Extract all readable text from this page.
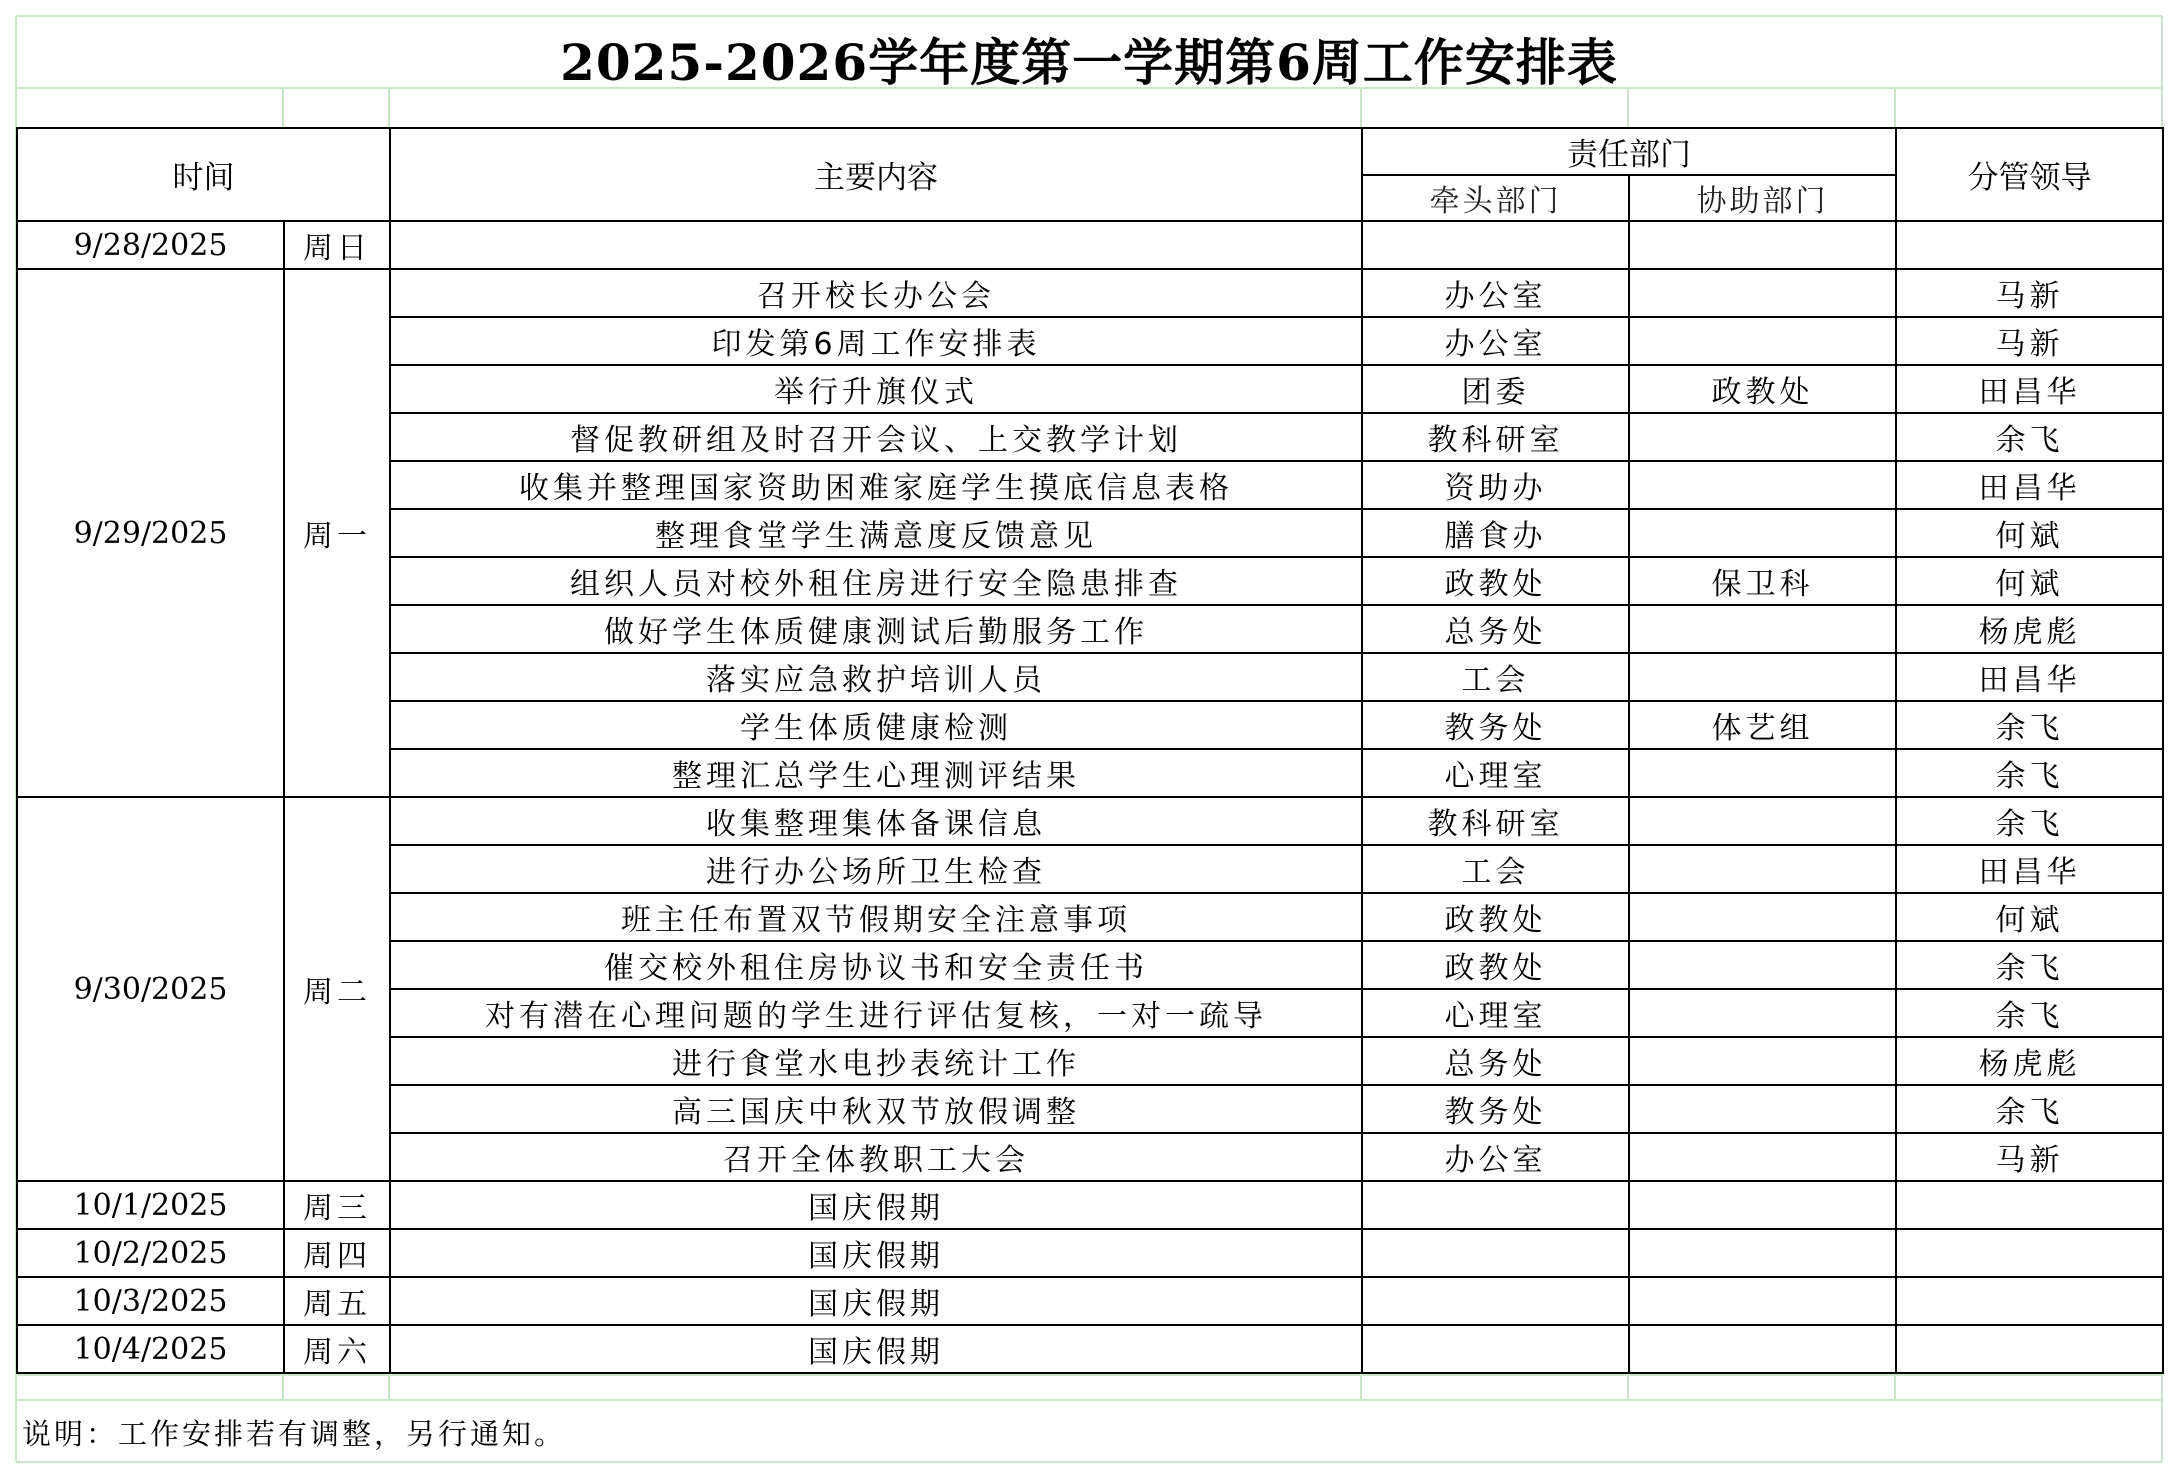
2025-2026学年度第一学期第6周工作安排表
时间		主要内容	责任部门		分管领导
			牵头部门	协助部门	
9/28/2025	周日				
9/29/2025	周一	召开校长办公会	办公室		马新
		印发第6周工作安排表	办公室		马新
		举行升旗仪式	团委	政教处	田昌华
		督促教研组及时召开会议、上交教学计划	教科研室		余飞
		收集并整理国家资助困难家庭学生摸底信息表格	资助办		田昌华
		整理食堂学生满意度反馈意见	膳食办		何斌
		组织人员对校外租住房进行安全隐患排查	政教处	保卫科	何斌
		做好学生体质健康测试后勤服务工作	总务处		杨虎彪
		落实应急救护培训人员	工会		田昌华
		学生体质健康检测	教务处	体艺组	余飞
		整理汇总学生心理测评结果	心理室		余飞
9/30/2025	周二	收集整理集体备课信息	教科研室		余飞
		进行办公场所卫生检查	工会		田昌华
		班主任布置双节假期安全注意事项	政教处		何斌
		催交校外租住房协议书和安全责任书	政教处		余飞
		对有潜在心理问题的学生进行评估复核，一对一疏导	心理室		余飞
		进行食堂水电抄表统计工作	总务处		杨虎彪
		高三国庆中秋双节放假调整	教务处		余飞
		召开全体教职工大会	办公室		马新
10/1/2025	周三	国庆假期			
10/2/2025	周四	国庆假期			
10/3/2025	周五	国庆假期			
10/4/2025	周六	国庆假期			
说明：工作安排若有调整，另行通知。
